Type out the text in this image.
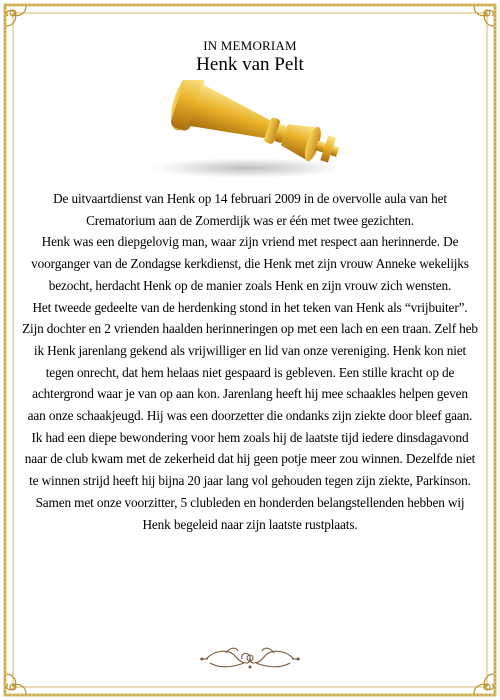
IN MEMORIAM
Henk van Pelt

De uitvaartdienst van Henk op 14 februari 2009 in de overvolle aula van het Crematorium aan de Zomerdijk was er één met twee gezichten.

Henk was een diepgelovig man, waar zijn vriend met respect aan herinnerde. De voorganger van de Zondagse kerkdienst, die Henk met zijn vrouw Anneke wekelijks bezocht, herdacht Henk op de manier zoals Henk en zijn vrouw zich wensten.

Het tweede gedeelte van de herdenking stond in het teken van Henk als “vrijbuiter”. Zijn dochter en 2 vrienden haalden herinneringen op met een lach en een traan. Zelf heb ik Henk jarenlang gekend als vrijwilliger en lid van onze vereniging. Henk kon niet tegen onrecht, dat hem helaas niet gespaard is gebleven. Een stille kracht op de achtergrond waar je van op aan kon. Jarenlang heeft hij mee schaakles helpen geven aan onze schaakjeugd. Hij was een doorzetter die ondanks zijn ziekte door bleef gaan. Ik had een diepe bewondering voor hem zoals hij de laatste tijd iedere dinsdagavond naar de club kwam met de zekerheid dat hij geen potje meer zou winnen. Dezelfde niet te winnen strijd heeft hij bijna 20 jaar lang vol gehouden tegen zijn ziekte, Parkinson.

Samen met onze voorzitter, 5 clubleden en honderden belangstellenden hebben wij Henk begeleid naar zijn laatste rustplaats.
